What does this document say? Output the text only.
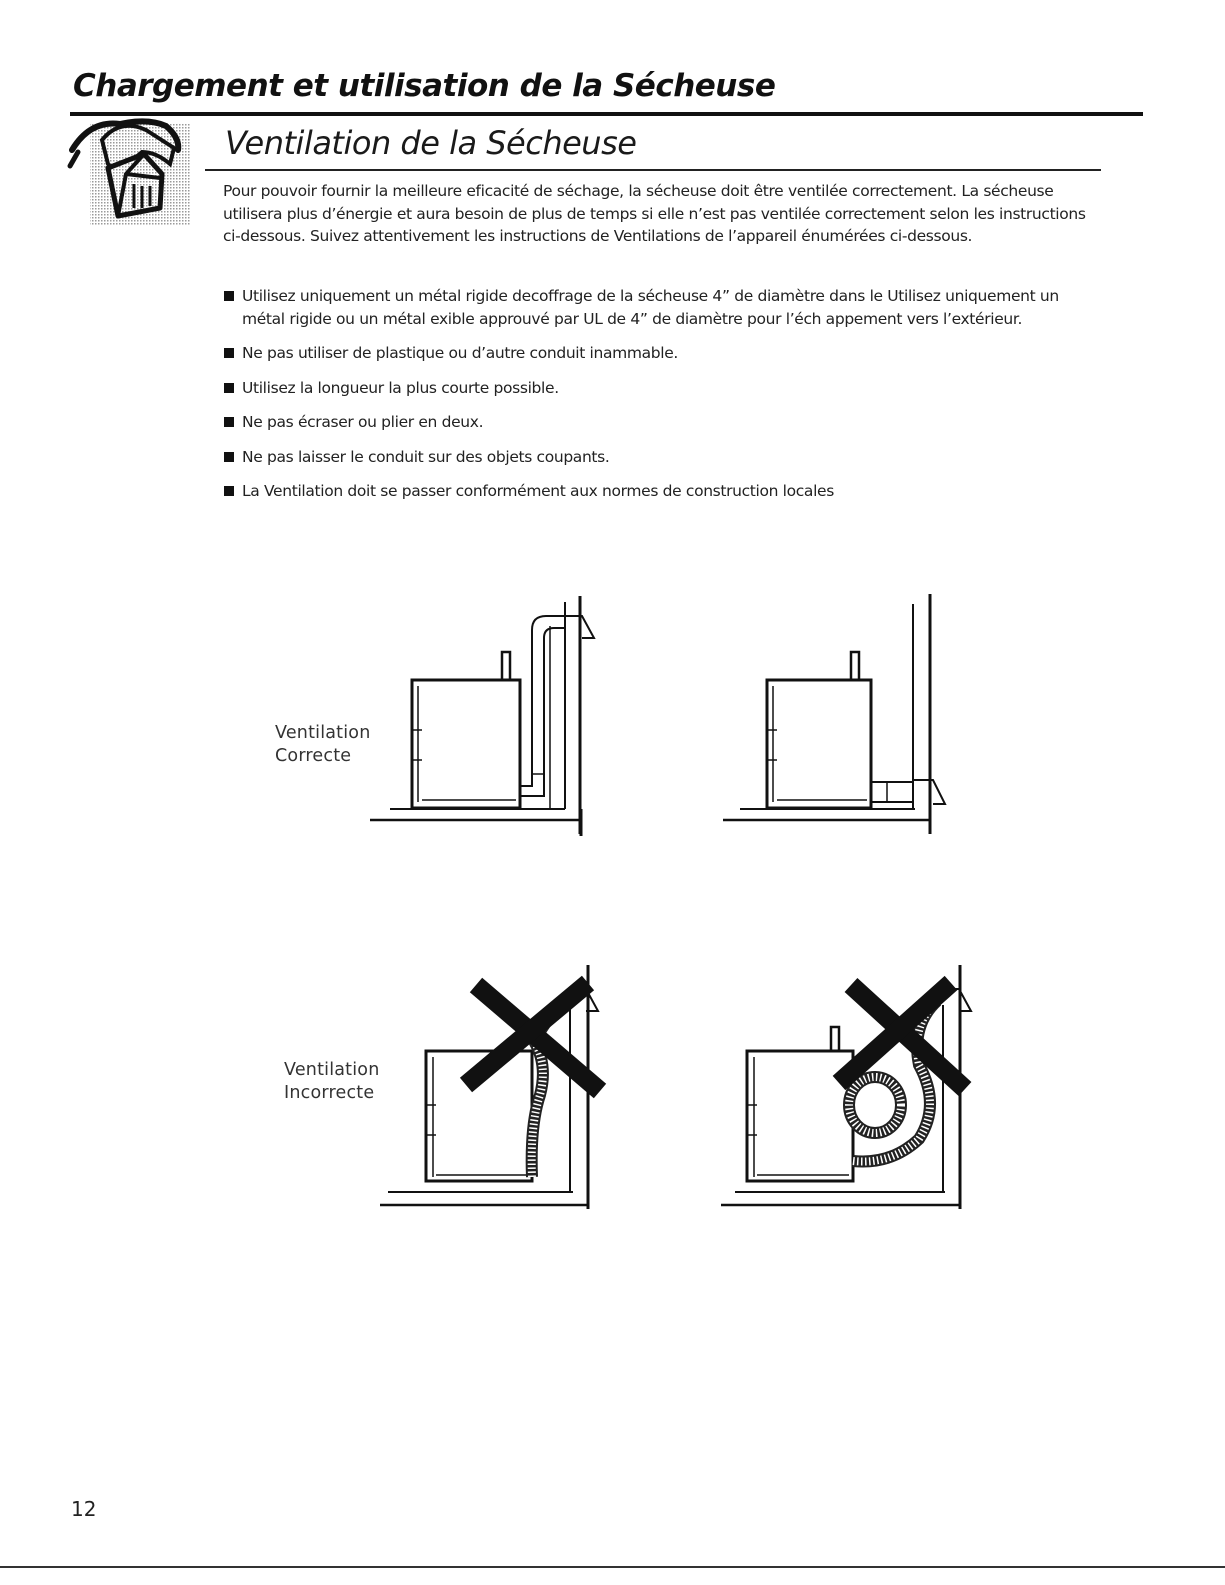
Chargement et utilisation de la Sécheuse
Ventilation de la Sécheuse

Pour pouvoir fournir la meilleure eficacité de séchage, la sécheuse doit être ventilée correctement. La sécheuse utilisera plus d’énergie et aura besoin de plus de temps si elle n’est pas ventilée correctement selon les instructions ci-dessous. Suivez attentivement les instructions de Ventilations de l’appareil énumérées ci-dessous.

Utilisez uniquement un métal rigide decoffrage de la sécheuse 4” de diamètre dans le Utilisez uniquement un métal rigide ou un métal exible approuvé par UL de 4” de diamètre pour l’éch appement vers l’extérieur.
Ne pas utiliser de plastique ou d’autre conduit inammable.
Utilisez la longueur la plus courte possible.
Ne pas écraser ou plier en deux.
Ne pas laisser le conduit sur des objets coupants.
La Ventilation doit se passer conformément aux normes de construction locales
Ventilation
Correcte
Ventilation
Incorrecte
12
